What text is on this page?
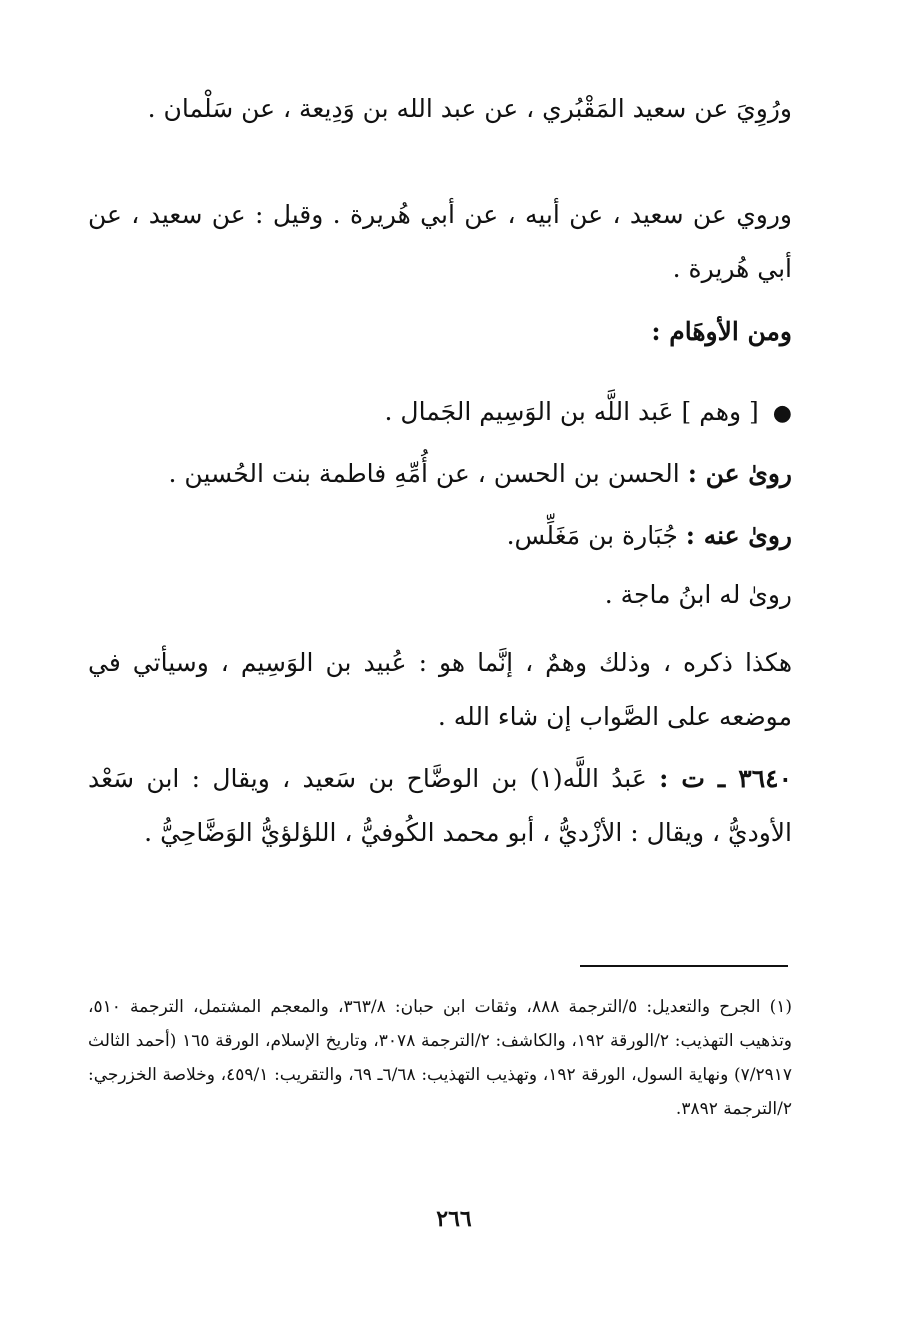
ورُوِيَ عن سعيد المَقْبُري ، عن عبد الله بن وَدِيعة ، عن سَلْمان .
وروي عن سعيد ، عن أبيه ، عن أبي هُريرة . وقيل : عن سعيد ، عن أبي هُريرة .
ومن الأوهَام :
●
[ وهم ] عَبد اللَّه بن الوَسِيم الجَمال .
روىٰ عن : الحسن بن الحسن ، عن أُمِّهِ فاطمة بنت الحُسين .
روىٰ عنه : جُبَارة بن مَغَلِّس.
روىٰ له ابنُ ماجة .
هكذا ذكره ، وذلك وهمٌ ، إنَّما هو : عُبيد بن الوَسِيم ، وسيأتي في موضعه على الصَّواب إن شاء الله .
٣٦٤٠ ـ ت : عَبدُ اللَّه(١) بن الوضَّاح بن سَعيد ، ويقال : ابن سَعْد الأوديُّ ، ويقال : الأزْديُّ ، أبو محمد الكُوفيُّ ، اللؤلؤيُّ الوَضَّاحِيُّ .
(١) الجرح والتعديل: ٥/الترجمة ٨٨٨، وثقات ابن حبان: ٣٦٣/٨، والمعجم المشتمل، الترجمة ٥١٠، وتذهيب التهذيب: ٢/الورقة ١٩٢، والكاشف: ٢/الترجمة ٣٠٧٨، وتاريخ الإسلام، الورقة ١٦٥ (أحمد الثالث ٧/٢٩١٧) ونهاية السول، الورقة ١٩٢، وتهذيب التهذيب: ٦/٦٨ـ ٦٩، والتقريب: ٤٥٩/١، وخلاصة الخزرجي: ٢/الترجمة ٣٨٩٢.
٢٦٦
